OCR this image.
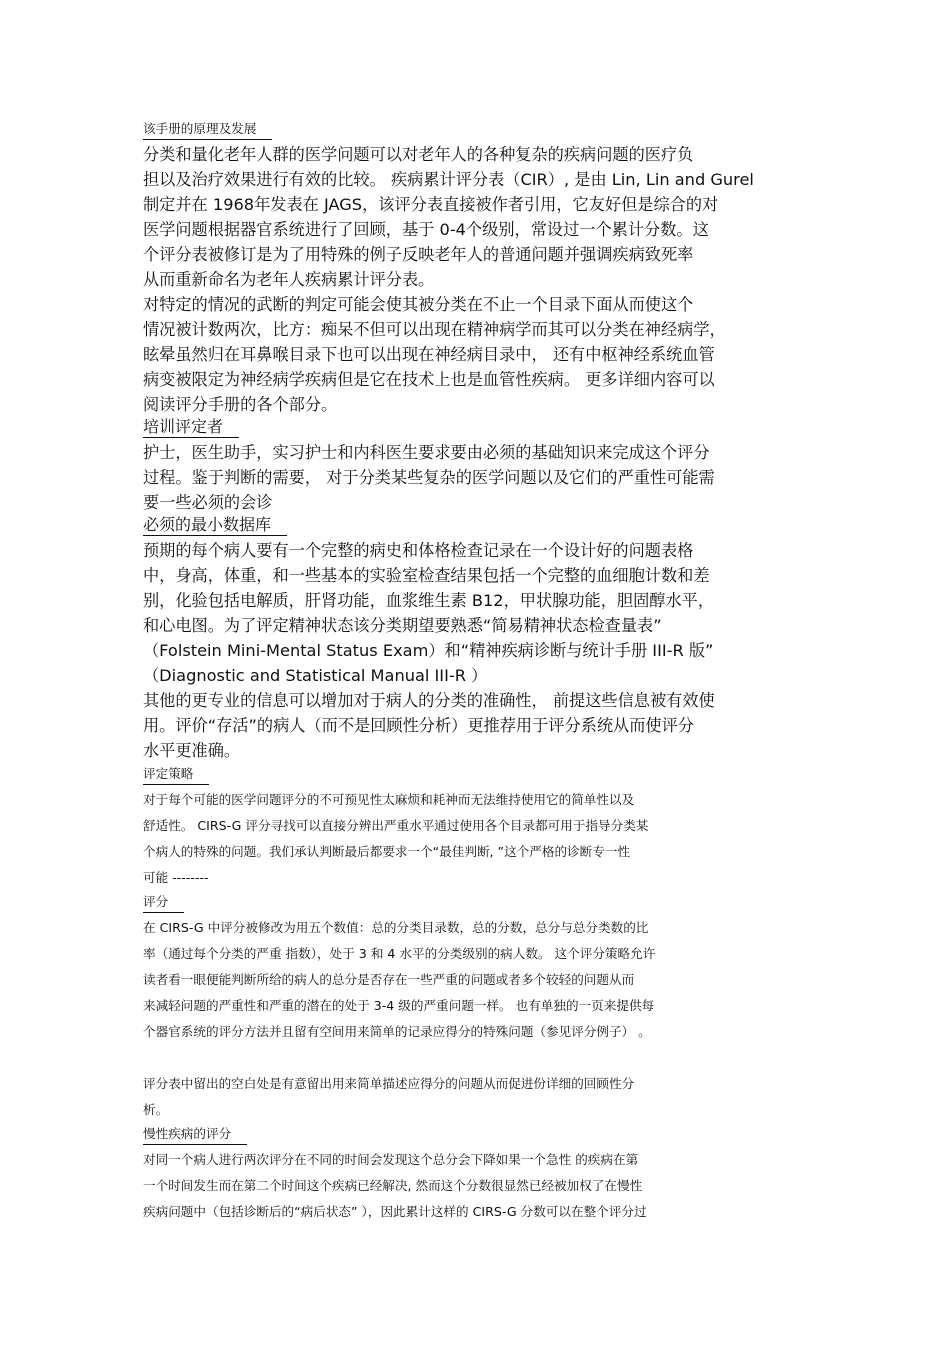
该手册的原理及发展
分类和量化老年人群的医学问题可以对老年人的各种复杂的疾病问题的医疗负
担以及治疗效果进行有效的比较。 疾病累计评分表（CIR）, 是由 Lin, Lin and Gurel
制定并在 1968年发表在 JAGS，该评分表直接被作者引用，它友好但是综合的对
医学问题根据器官系统进行了回顾，基于 0-4个级别，常设过一个累计分数。这
个评分表被修订是为了用特殊的例子反映老年人的普通问题并强调疾病致死率
从而重新命名为老年人疾病累计评分表。
对特定的情况的武断的判定可能会使其被分类在不止一个目录下面从而使这个
情况被计数两次，比方：痴呆不但可以出现在精神病学而其可以分类在神经病学，
眩晕虽然归在耳鼻喉目录下也可以出现在神经病目录中， 还有中枢神经系统血管
病变被限定为神经病学疾病但是它在技术上也是血管性疾病。 更多详细内容可以
阅读评分手册的各个部分。
培训评定者
护士，医生助手，实习护士和内科医生要求要由必须的基础知识来完成这个评分
过程。鉴于判断的需要， 对于分类某些复杂的医学问题以及它们的严重性可能需
要一些必须的会诊
必须的最小数据库
预期的每个病人要有一个完整的病史和体格检查记录在一个设计好的问题表格
中，身高，体重，和一些基本的实验室检查结果包括一个完整的血细胞计数和差
别，化验包括电解质，肝肾功能，血浆维生素 B12，甲状腺功能，胆固醇水平，
和心电图。为了评定精神状态该分类期望要熟悉“简易精神状态检查量表”
（Folstein Mini-Mental Status Exam）和“精神疾病诊断与统计手册 III-R 版”
（Diagnostic and Statistical Manual III-R ）
其他的更专业的信息可以增加对于病人的分类的准确性， 前提这些信息被有效使
用。评价“存活”的病人（而不是回顾性分析）更推荐用于评分系统从而使评分
水平更准确。
评定策略
对于每个可能的医学问题评分的不可预见性太麻烦和耗神而无法维持使用它的简单性以及
舒适性。 CIRS-G 评分寻找可以直接分辨出严重水平通过使用各个目录都可用于指导分类某
个病人的特殊的问题。我们承认判断最后都要求一个“最佳判断, ”这个严格的诊断专一性
可能 --------
评分
在 CIRS-G 中评分被修改为用五个数值：总的分类目录数，总的分数，总分与总分类数的比
率（通过每个分类的严重 指数），处于 3 和 4 水平的分类级别的病人数。 这个评分策略允许
读者看一眼便能判断所给的病人的总分是否存在一些严重的问题或者多个较轻的问题从而
来减轻问题的严重性和严重的潜在的处于 3-4 级的严重问题一样。 也有单独的一页来提供每
个器官系统的评分方法并且留有空间用来简单的记录应得分的特殊问题（参见评分例子） 。
评分表中留出的空白处是有意留出用来简单描述应得分的问题从而促进份详细的回顾性分
析。
慢性疾病的评分
对同一个病人进行两次评分在不同的时间会发现这个总分会下降如果一个急性 的疾病在第
一个时间发生而在第二个时间这个疾病已经解决, 然而这个分数很显然已经被加权了在慢性
疾病问题中（包括诊断后的“病后状态” ），因此累计这样的 CIRS-G 分数可以在整个评分过
